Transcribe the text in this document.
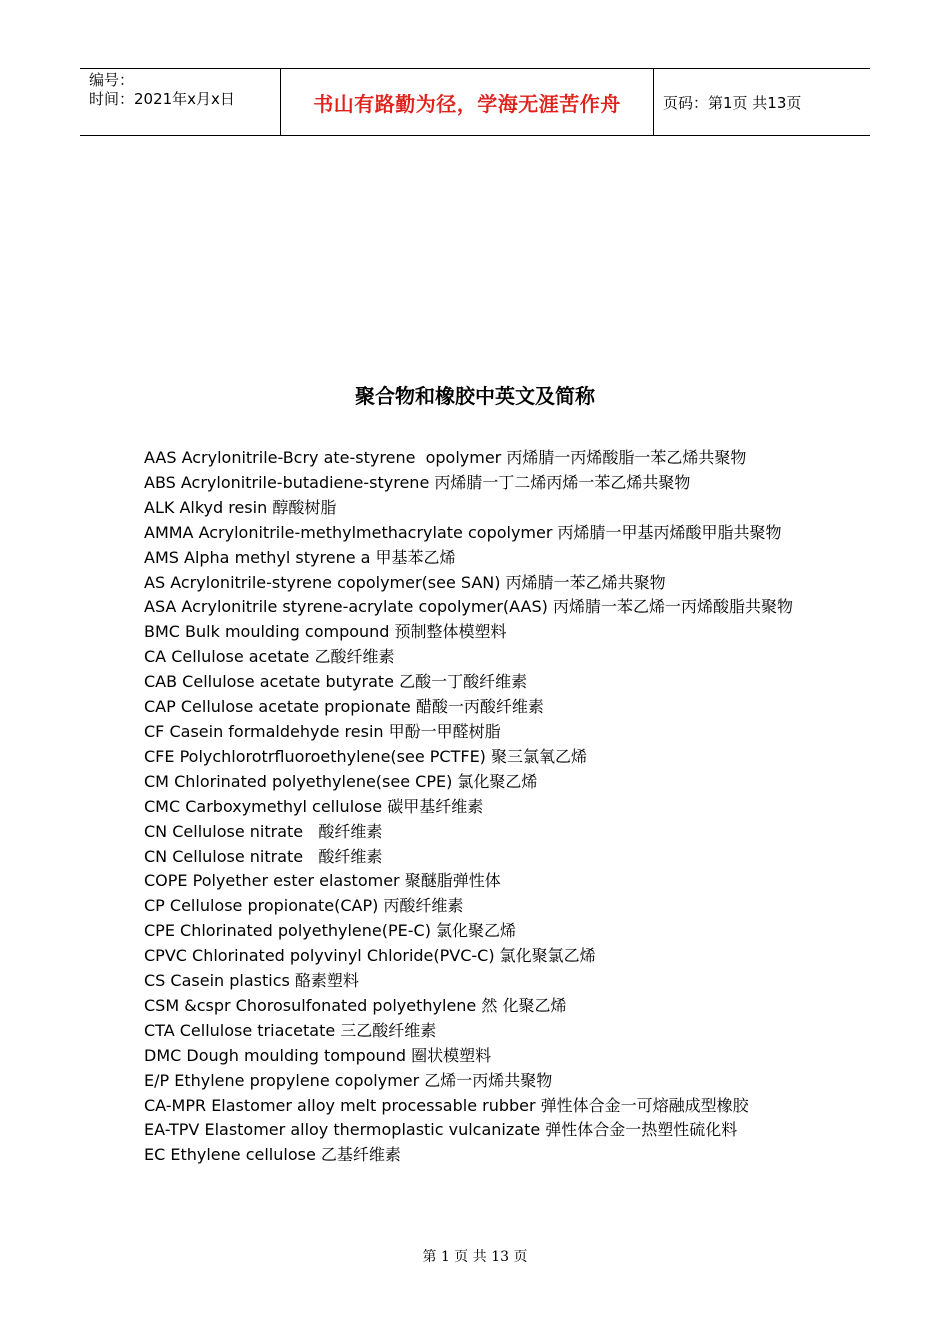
编号：
时间：2021年x月x日	书山有路勤为径，学海无涯苦作舟	页码：第1页 共13页
聚合物和橡胶中英文及简称
AAS Acrylonitrile-Bcry ate-styrene  opolymer 丙烯腈一丙烯酸脂一苯乙烯共聚物
ABS Acrylonitrile-butadiene-styrene 丙烯腈一丁二烯丙烯一苯乙烯共聚物
ALK Alkyd resin 醇酸树脂
AMMA Acrylonitrile-methylmethacrylate copolymer 丙烯腈一甲基丙烯酸甲脂共聚物
AMS Alpha methyl styrene a 甲基苯乙烯
AS Acrylonitrile-styrene copolymer(see SAN) 丙烯腈一苯乙烯共聚物
ASA Acrylonitrile styrene-acrylate copolymer(AAS) 丙烯腈一苯乙烯一丙烯酸脂共聚物
BMC Bulk moulding compound 预制整体模塑料
CA Cellulose acetate 乙酸纤维素
CAB Cellulose acetate butyrate 乙酸一丁酸纤维素
CAP Cellulose acetate propionate 醋酸一丙酸纤维素
CF Casein formaldehyde resin 甲酚一甲醛树脂
CFE Polychlorotrfluoroethylene(see PCTFE) 聚三氯氧乙烯
CM Chlorinated polyethylene(see CPE) 氯化聚乙烯
CMC Carboxymethyl cellulose 碳甲基纤维素
CN Cellulose nitrate   酸纤维素
CN Cellulose nitrate   酸纤维素
COPE Polyether ester elastomer 聚醚脂弹性体
CP Cellulose propionate(CAP) 丙酸纤维素
CPE Chlorinated polyethylene(PE-C) 氯化聚乙烯
CPVC Chlorinated polyvinyl Chloride(PVC-C) 氯化聚氯乙烯
CS Casein plastics 酪素塑料
CSM &cspr Chorosulfonated polyethylene 然 化聚乙烯
CTA Cellulose triacetate 三乙酸纤维素
DMC Dough moulding tompound 圈状模塑料
E/P Ethylene propylene copolymer 乙烯一丙烯共聚物
CA-MPR Elastomer alloy melt processable rubber 弹性体合金一可熔融成型橡胶
EA-TPV Elastomer alloy thermoplastic vulcanizate 弹性体合金一热塑性硫化料
EC Ethylene cellulose 乙基纤维素
第 1 页 共 13 页
